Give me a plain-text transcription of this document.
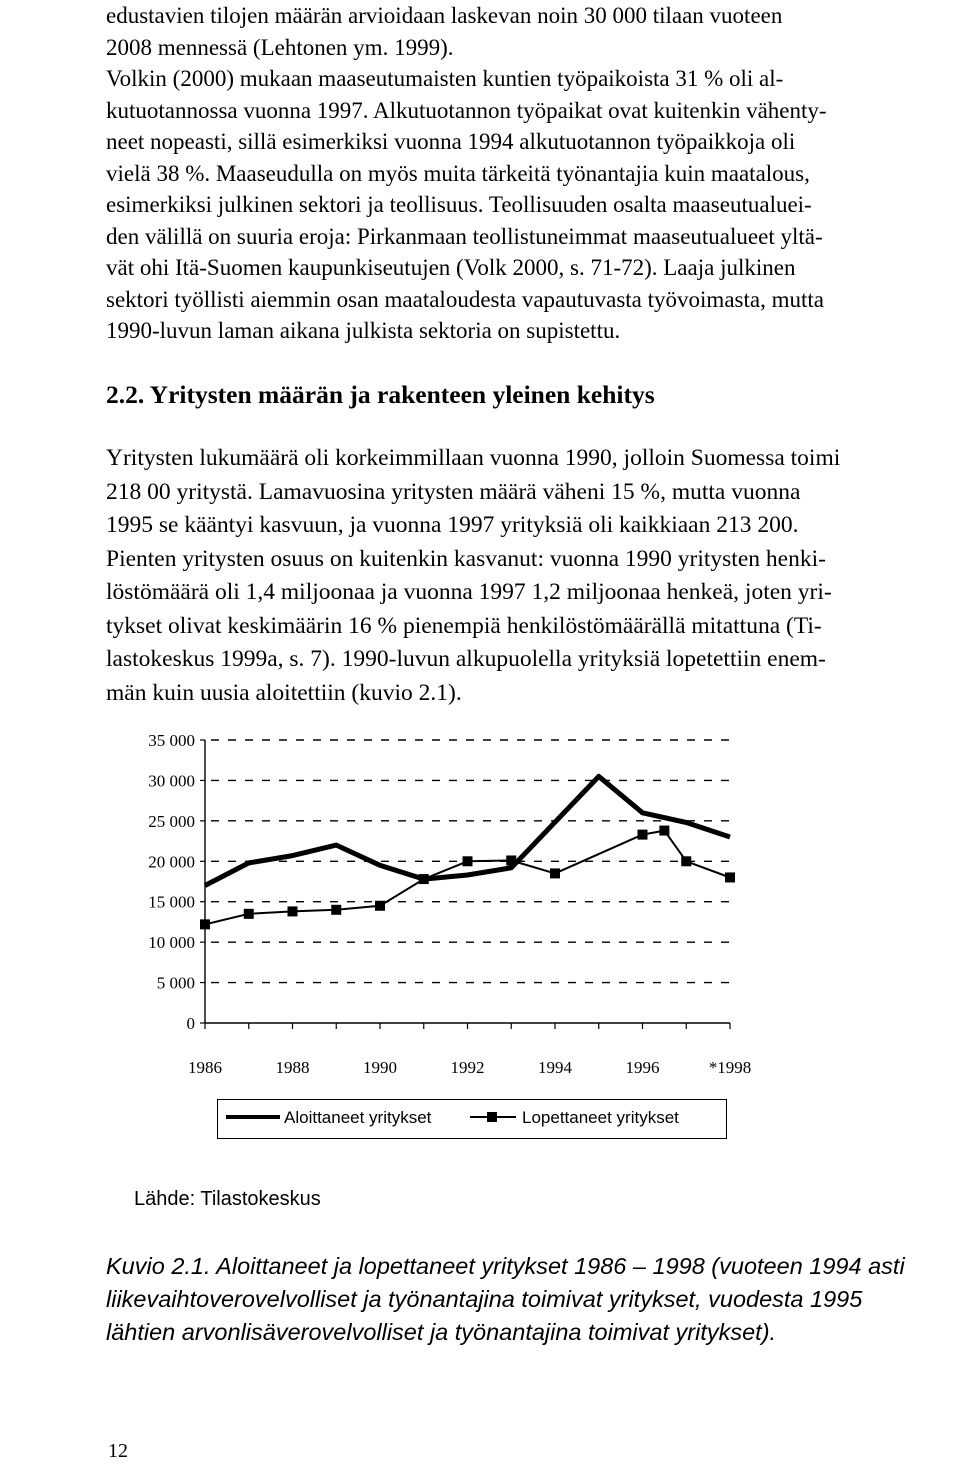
edustavien tilojen määrän arvioidaan laskevan noin 30 000 tilaan vuoteen
2008 mennessä (Lehtonen ym. 1999).
Volkin (2000) mukaan maaseutumaisten kuntien työpaikoista 31 % oli al-
kutuotannossa vuonna 1997. Alkutuotannon työpaikat ovat kuitenkin vähenty-
neet nopeasti, sillä esimerkiksi vuonna 1994 alkutuotannon työpaikkoja oli
vielä 38 %. Maaseudulla on myös muita tärkeitä työnantajia kuin maatalous,
esimerkiksi julkinen sektori ja teollisuus. Teollisuuden osalta maaseutualuei-
den välillä on suuria eroja: Pirkanmaan teollistuneimmat maaseutualueet yltä-
vät ohi Itä-Suomen kaupunkiseutujen (Volk 2000, s. 71-72). Laaja julkinen
sektori työllisti aiemmin osan maataloudesta vapautuvasta työvoimasta, mutta
1990-luvun laman aikana julkista sektoria on supistettu.
2.2. Yritysten määrän ja rakenteen yleinen kehitys
Yritysten lukumäärä oli korkeimmillaan vuonna 1990, jolloin Suomessa toimi
218 00 yritystä. Lamavuosina yritysten määrä väheni 15 %, mutta vuonna
1995 se kääntyi kasvuun, ja vuonna 1997 yrityksiä oli kaikkiaan 213 200.
Pienten yritysten osuus on kuitenkin kasvanut: vuonna 1990 yritysten henki-
löstömäärä oli 1,4 miljoonaa ja vuonna 1997 1,2 miljoonaa henkeä, joten yri-
tykset olivat keskimäärin 16 % pienempiä henkilöstömäärällä mitattuna (Ti-
lastokeskus 1999a, s. 7). 1990-luvun alkupuolella yrityksiä lopetettiin enem-
män kuin uusia aloitettiin (kuvio 2.1).
35 000
30 000
25 000
20 000
15 000
10 000
5 000
0
1986	1988	1990	1992	1994	1996	*1998
Aloittaneet yritykset	Lopettaneet yritykset
Lähde: Tilastokeskus
Kuvio 2.1. Aloittaneet ja lopettaneet yritykset 1986 – 1998 (vuoteen 1994 asti
liikevaihtoverovelvolliset ja työnantajina toimivat yritykset, vuodesta 1995
lähtien arvonlisäverovelvolliset ja työnantajina toimivat yritykset).
12
